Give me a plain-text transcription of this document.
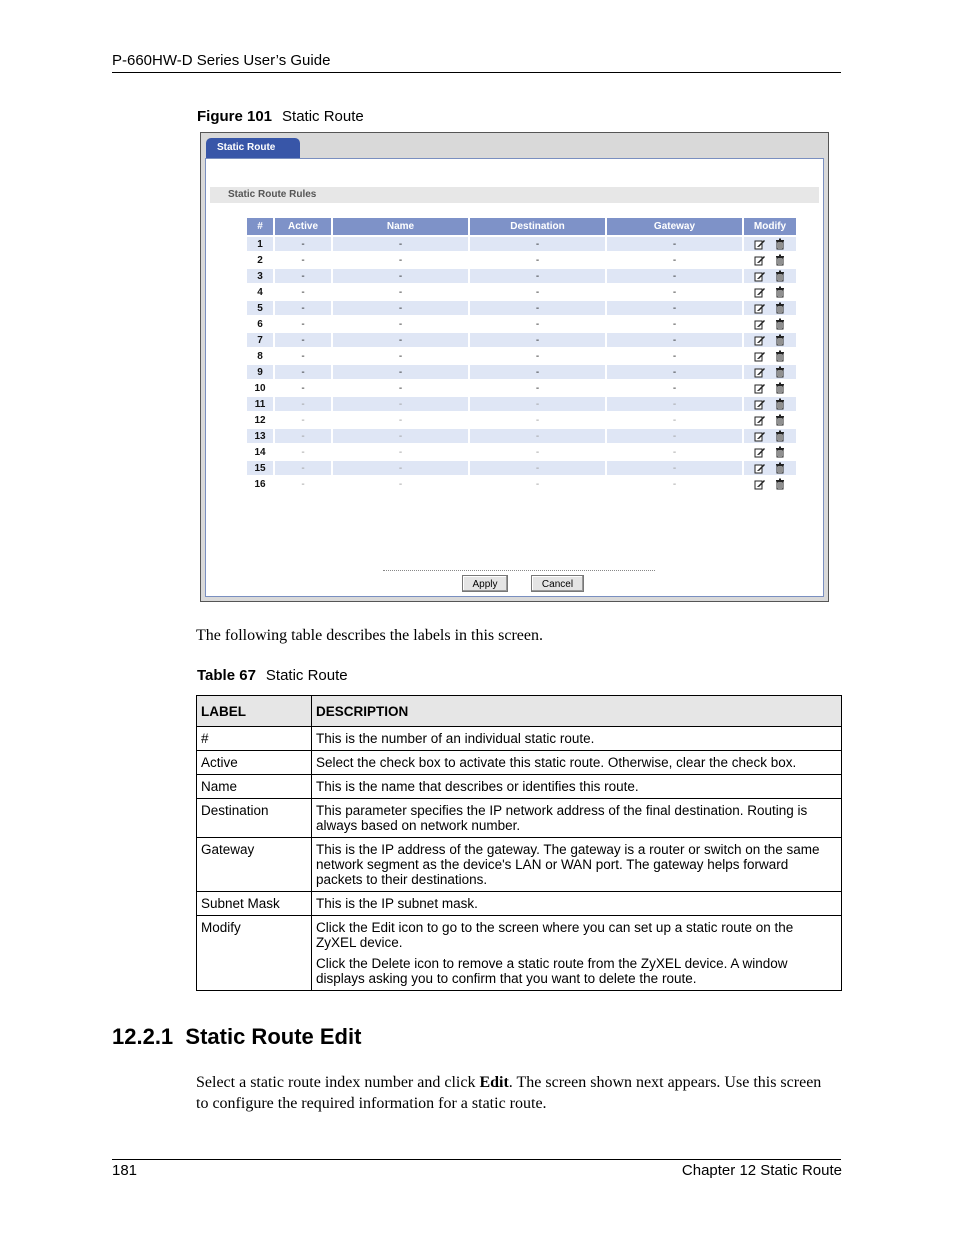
P-660HW-D Series User’s Guide
Figure 101 Static Route
Static Route
Static Route Rules
#	Active	Name	Destination	Gateway	Modify
1	-	-	-	-	

2	-	-	-	-	

3	-	-	-	-	

4	-	-	-	-	

5	-	-	-	-	

6	-	-	-	-	

7	-	-	-	-	

8	-	-	-	-	

9	-	-	-	-	

10	-	-	-	-	

11	-	-	-	-	

12	-	-	-	-	

13	-	-	-	-	

14	-	-	-	-	

15	-	-	-	-	

16	-	-	-	-	
Apply	Cancel
The following table describes the labels in this screen.
Table 67 Static Route
LABEL	DESCRIPTION
#	This is the number of an individual static route.

Active	Select the check box to activate this static route. Otherwise, clear the check box.

Name	This is the name that describes or identifies this route.

Destination	This parameter specifies the IP network address of the final destination. Routing is always based on network number.

Gateway	This is the IP address of the gateway. The gateway is a router or switch on the same network segment as the device's LAN or WAN port. The gateway helps forward packets to their destinations.

Subnet Mask	This is the IP subnet mask.

Modify	Click the Edit icon to go to the screen where you can set up a static route on the ZyXEL device.

Click the Delete icon to remove a static route from the ZyXEL device. A window displays asking you to confirm that you want to delete the route.

12.2.1 Static Route Edit
Select a static route index number and click Edit. The screen shown next appears. Use this screen to configure the required information for a static route.
181	Chapter 12 Static Route
